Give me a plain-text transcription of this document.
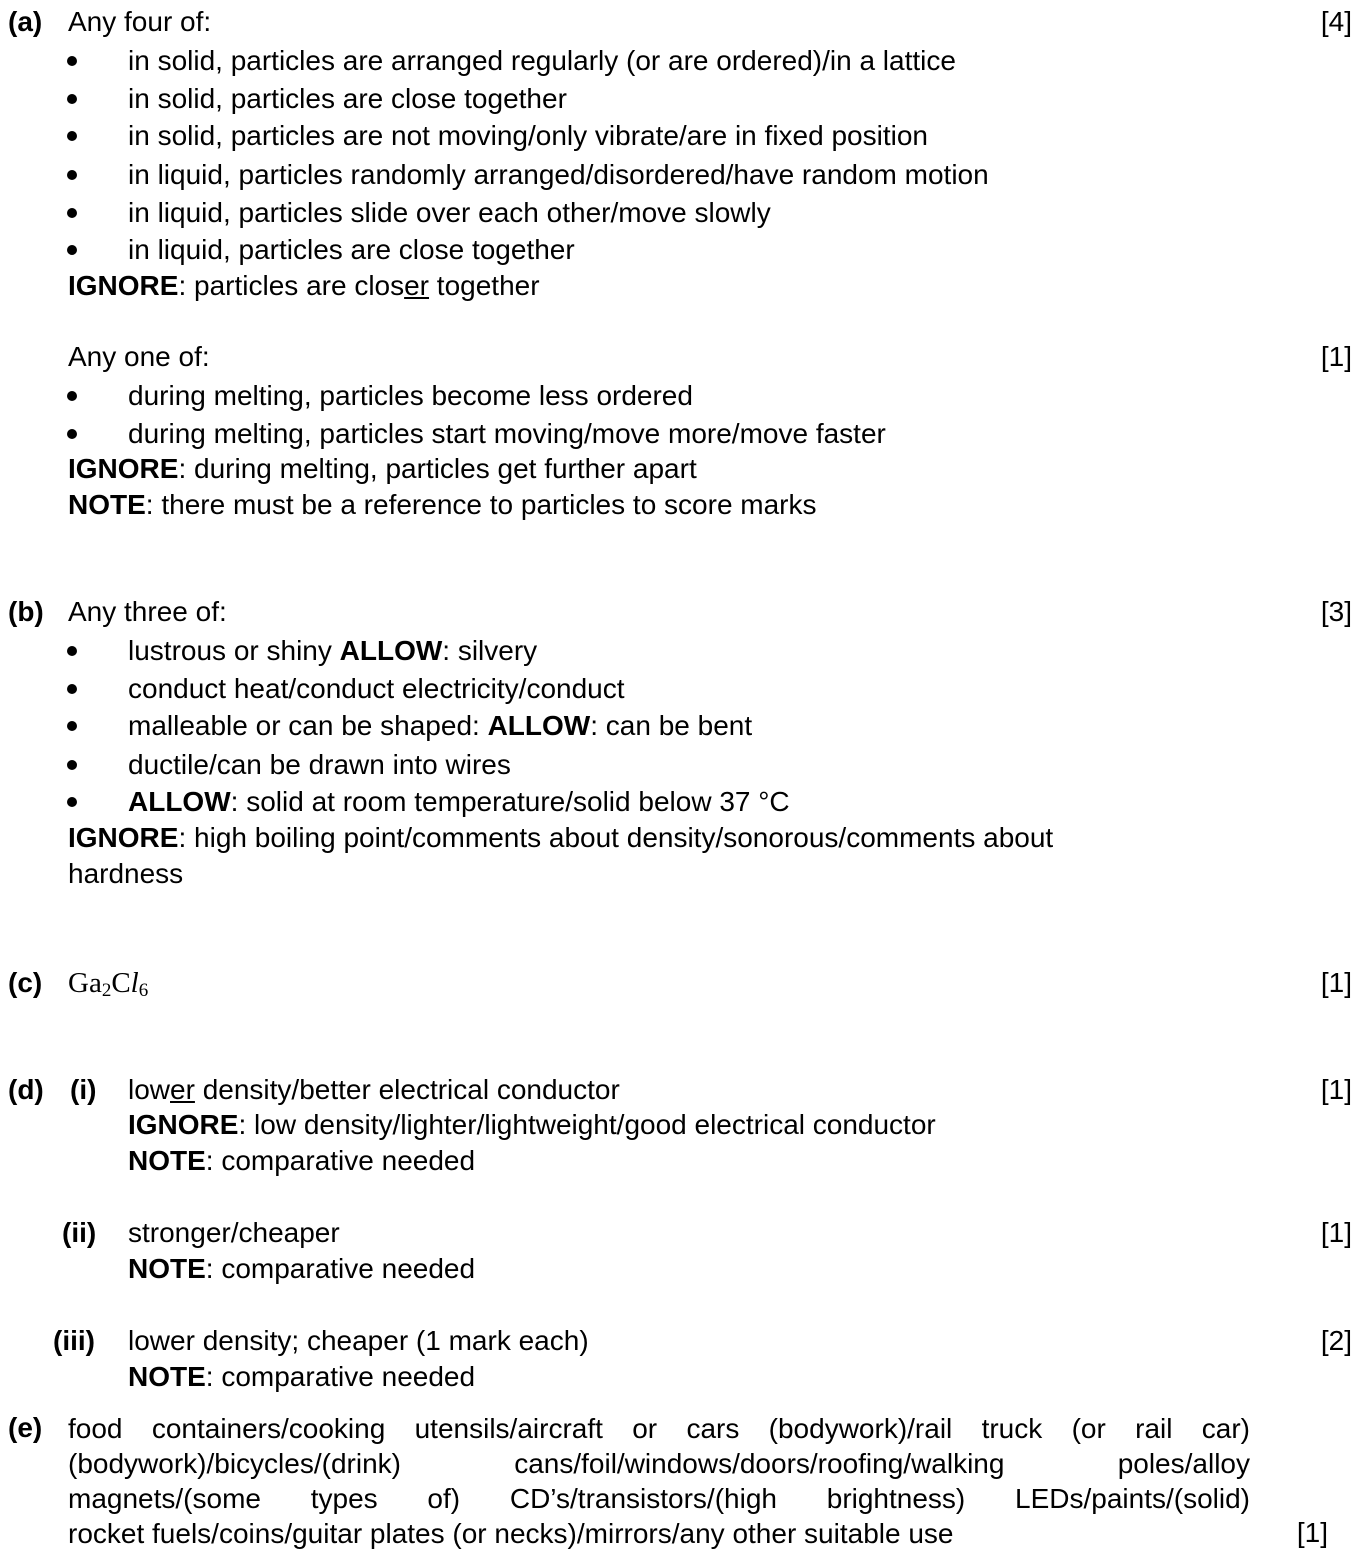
(a) Any four of:	[4]
in solid, particles are arranged regularly (or are ordered)/in a lattice
in solid, particles are close together
in solid, particles are not moving/only vibrate/are in fixed position
in liquid, particles randomly arranged/disordered/have random motion
in liquid, particles slide over each other/move slowly
in liquid, particles are close together
IGNORE: particles are closer together
Any one of:	[1]
during melting, particles become less ordered
during melting, particles start moving/move more/move faster
IGNORE: during melting, particles get further apart
NOTE: there must be a reference to particles to score marks
(b) Any three of:	[3]
lustrous or shiny ALLOW: silvery
conduct heat/conduct electricity/conduct
malleable or can be shaped: ALLOW: can be bent
ductile/can be drawn into wires
ALLOW: solid at room temperature/solid below 37 °C
IGNORE: high boiling point/comments about density/sonorous/comments about
hardness
(c) $Ga_2Cl_6$	[1]
(d) (i) lower density/better electrical conductor	[1]
IGNORE: low density/lighter/lightweight/good electrical conductor
NOTE: comparative needed
(ii) stronger/cheaper	[1]
NOTE: comparative needed
(iii) lower density; cheaper (1 mark each)	[2]
NOTE: comparative needed
(e) food containers/cooking utensils/aircraft or cars (bodywork)/rail truck (or rail car)
(bodywork)/bicycles/(drink) cans/foil/windows/doors/roofing/walking poles/alloy
magnets/(some types of) CD’s/transistors/(high brightness) LEDs/paints/(solid)
rocket fuels/coins/guitar plates (or necks)/mirrors/any other suitable use	[1]
